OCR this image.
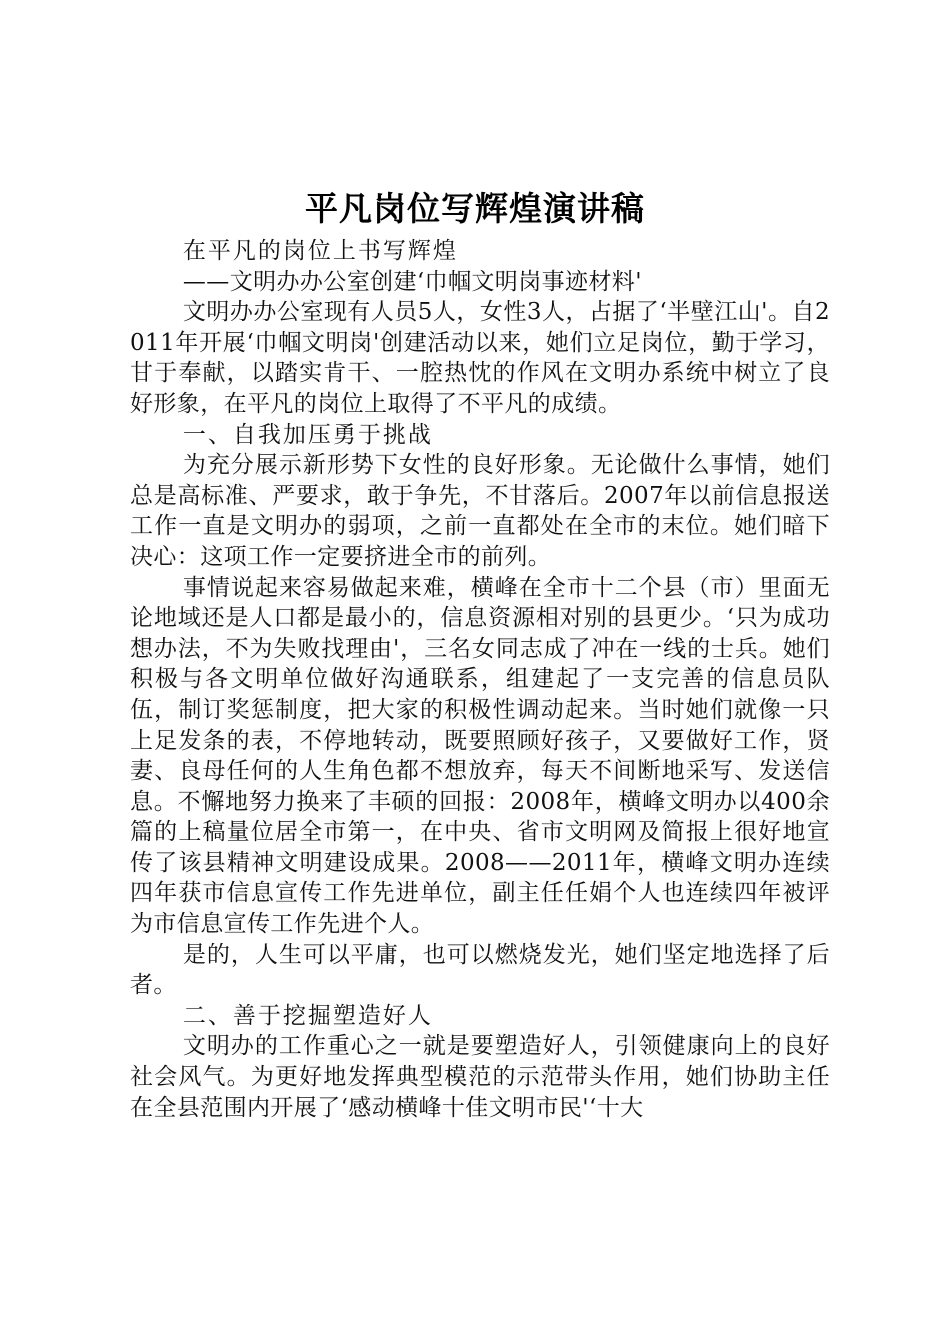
平凡岗位写辉煌演讲稿

在平凡的岗位上书写辉煌

——文明办办公室创建‘巾帼文明岗事迹材料'

文明办办公室现有人员5人，女性3人，占据了‘半壁江山'。自2011年开展‘巾帼文明岗'创建活动以来，她们立足岗位，勤于学习，甘于奉献，以踏实肯干、一腔热忱的作风在文明办系统中树立了良好形象，在平凡的岗位上取得了不平凡的成绩。

一、自我加压勇于挑战

为充分展示新形势下女性的良好形象。无论做什么事情，她们总是高标准、严要求，敢于争先，不甘落后。2007年以前信息报送工作一直是文明办的弱项，之前一直都处在全市的末位。她们暗下决心：这项工作一定要挤进全市的前列。

事情说起来容易做起来难，横峰在全市十二个县（市）里面无论地域还是人口都是最小的，信息资源相对别的县更少。‘只为成功想办法，不为失败找理由'，三名女同志成了冲在一线的士兵。她们积极与各文明单位做好沟通联系，组建起了一支完善的信息员队伍，制订奖惩制度，把大家的积极性调动起来。当时她们就像一只上足发条的表，不停地转动，既要照顾好孩子，又要做好工作，贤妻、良母任何的人生角色都不想放弃，每天不间断地采写、发送信息。不懈地努力换来了丰硕的回报：2008年，横峰文明办以400余篇的上稿量位居全市第一，在中央、省市文明网及简报上很好地宣传了该县精神文明建设成果。2008——2011年，横峰文明办连续四年获市信息宣传工作先进单位，副主任任娟个人也连续四年被评为市信息宣传工作先进个人。

是的，人生可以平庸，也可以燃烧发光，她们坚定地选择了后者。

二、善于挖掘塑造好人

文明办的工作重心之一就是要塑造好人，引领健康向上的良好社会风气。为更好地发挥典型模范的示范带头作用，她们协助主任在全县范围内开展了‘感动横峰十佳文明市民'‘十大
